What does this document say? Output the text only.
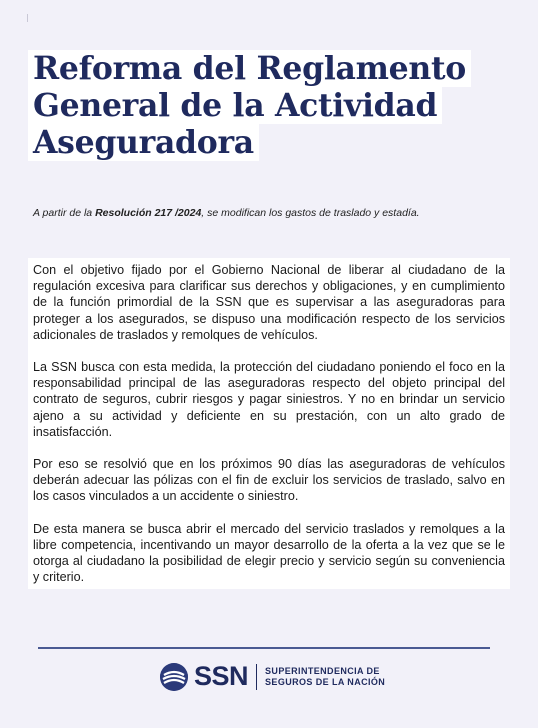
Reforma del Reglamento
General de la Actividad
Aseguradora
A partir de la Resolución 217 /2024, se modifican los gastos de traslado y estadía.

Con el objetivo fijado por el Gobierno Nacional de liberar al ciudadano de la regulación excesiva para clarificar sus derechos y obligaciones, y en cumplimiento de la función primordial de la SSN que es supervisar a las aseguradoras para proteger a los asegurados, se dispuso una modificación respecto de los servicios adicionales de traslados y remolques de vehículos.

La SSN busca con esta medida, la protección del ciudadano poniendo el foco en la responsabilidad principal de las aseguradoras respecto del objeto principal del contrato de seguros, cubrir riesgos y pagar siniestros. Y no en brindar un servicio ajeno a su actividad y deficiente en su prestación, con un alto grado de insatisfacción.

Por eso se resolvió que en los próximos 90 días las aseguradoras de vehículos deberán adecuar las pólizas con el fin de excluir los servicios de traslado, salvo en los casos vinculados a un accidente o siniestro.

De esta manera se busca abrir el mercado del servicio traslados y remolques a la libre competencia, incentivando un mayor desarrollo de la oferta a la vez que se le otorga al ciudadano la posibilidad de elegir precio y servicio según su conveniencia y criterio.

SSN SUPERINTENDENCIA DE
SEGUROS DE LA NACIÓN
